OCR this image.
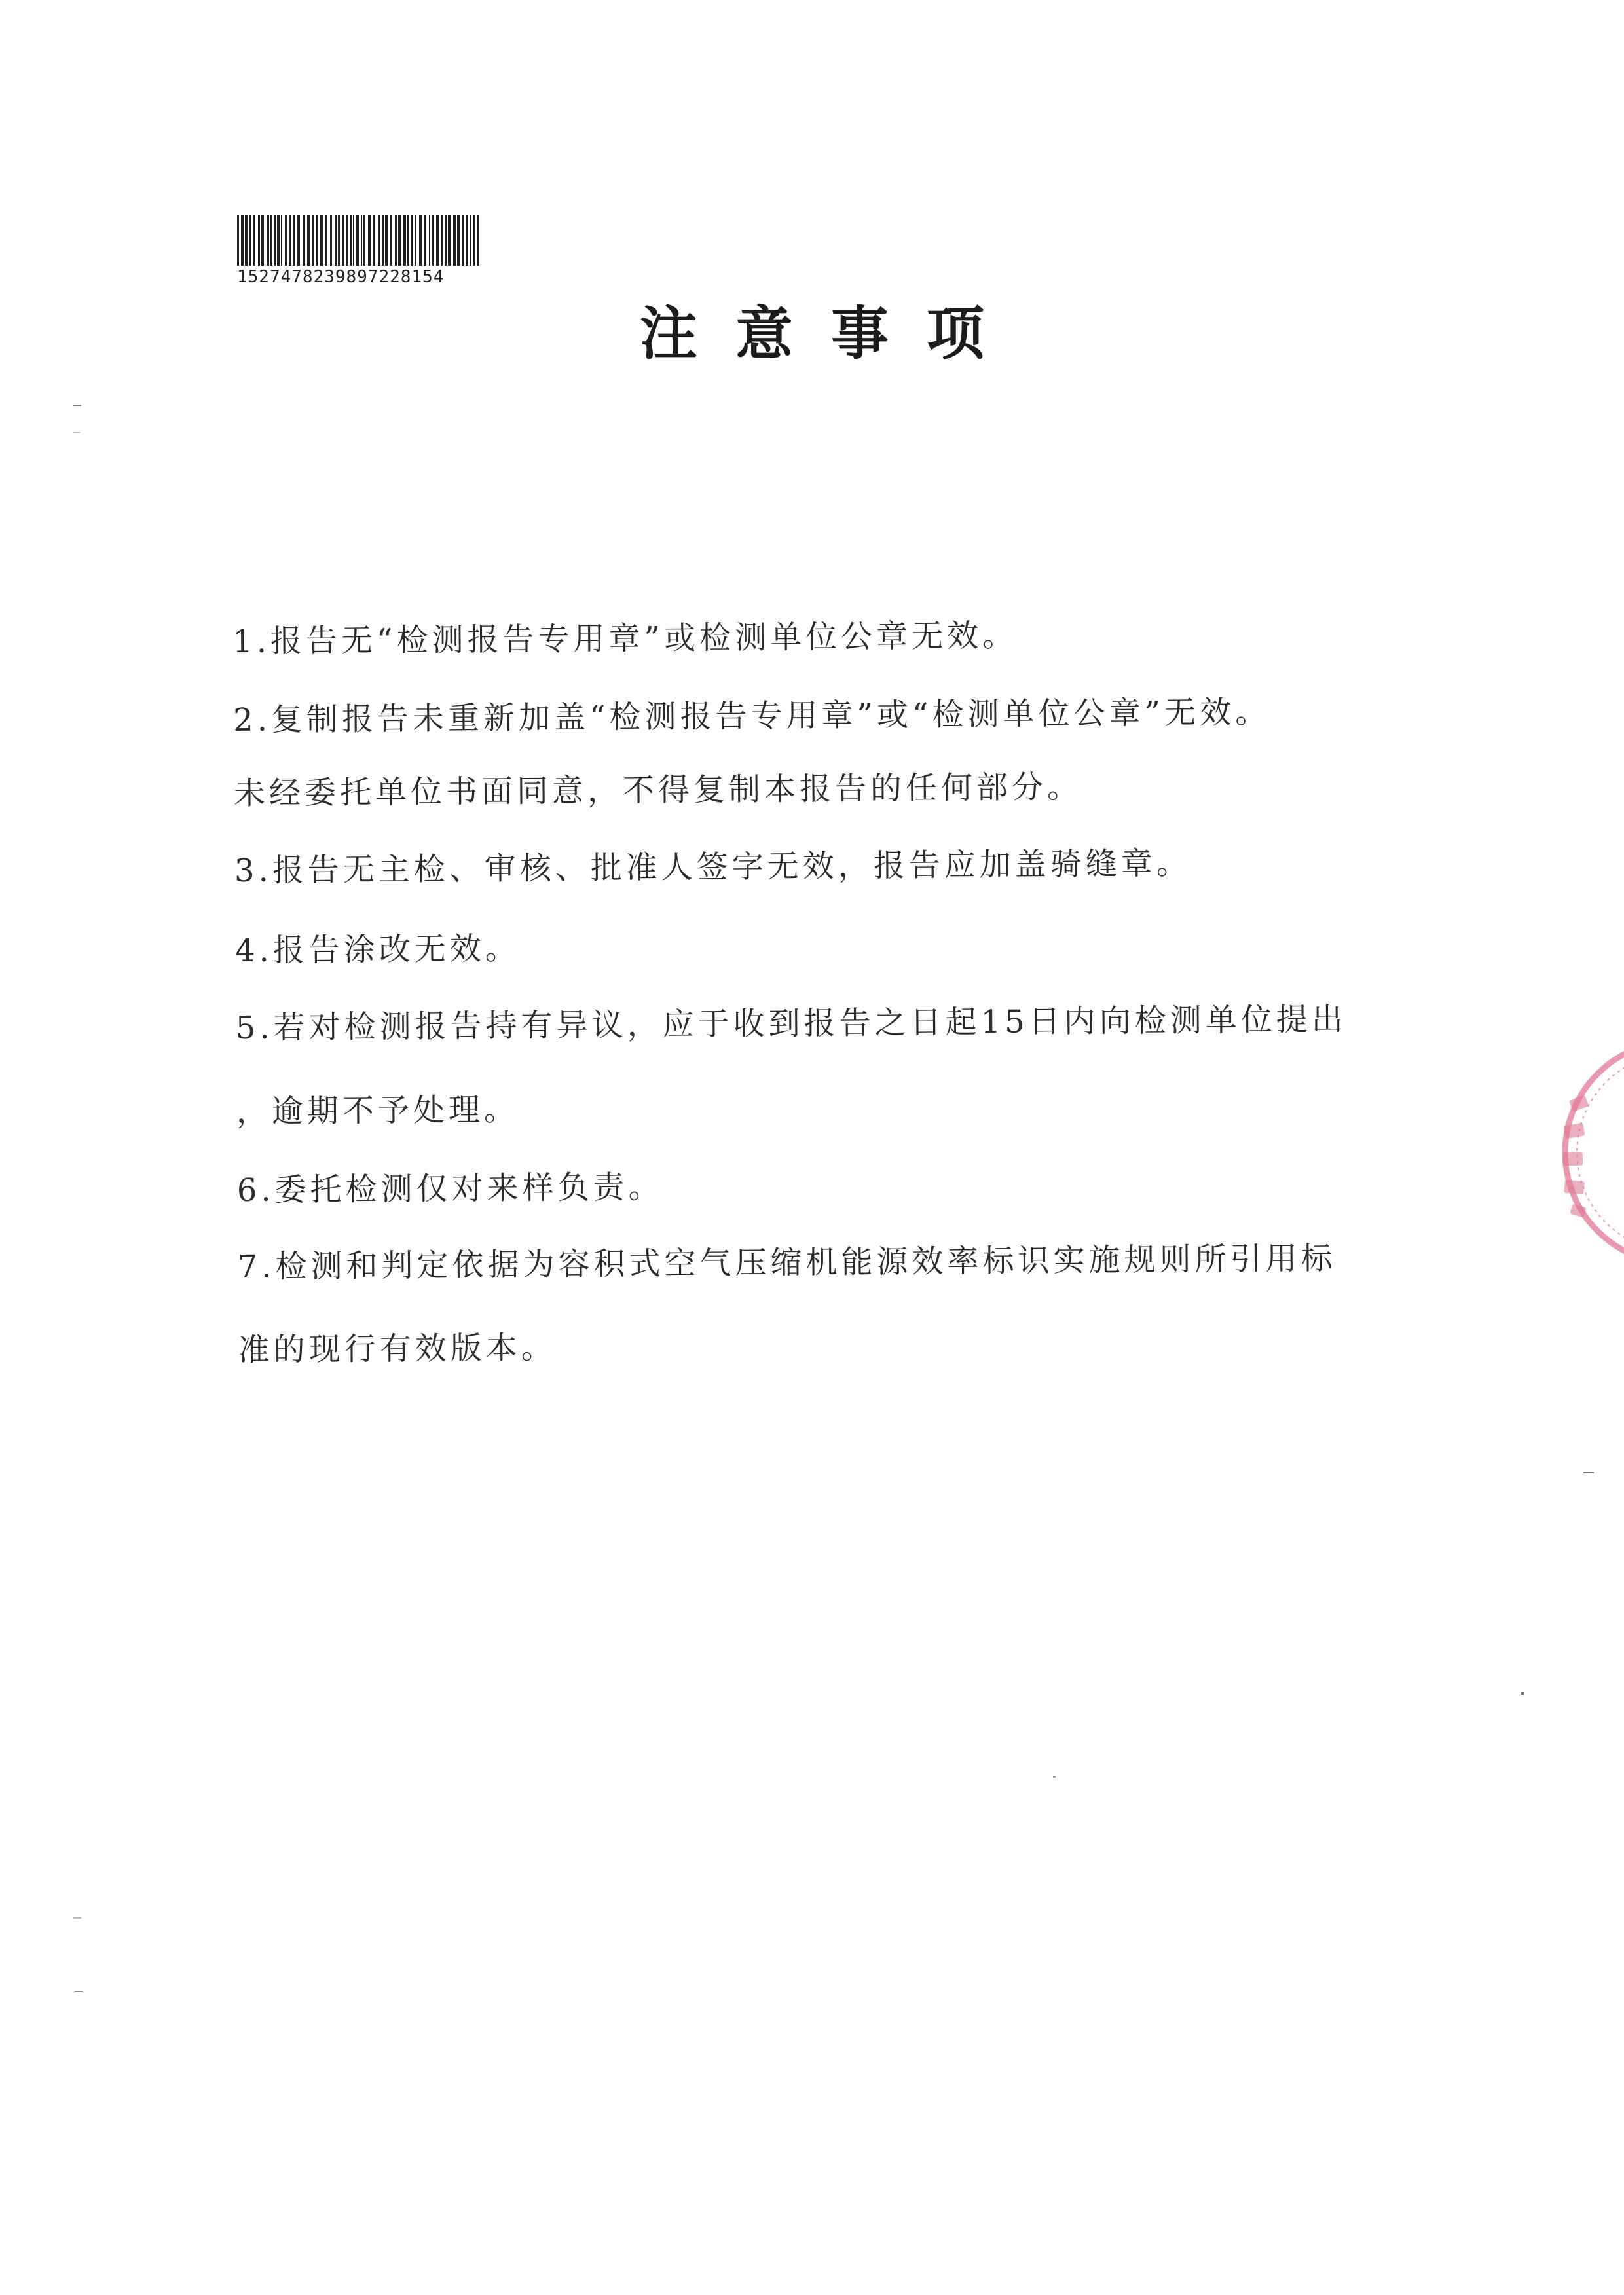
1527478239897228154
注意事项
1.报告无“检测报告专用章”或检测单位公章无效。
2.复制报告未重新加盖“检测报告专用章”或“检测单位公章”无效。
未经委托单位书面同意，不得复制本报告的任何部分。
3.报告无主检、审核、批准人签字无效，报告应加盖骑缝章。
4.报告涂改无效。
5.若对检测报告持有异议，应于收到报告之日起15日内向检测单位提出
，逾期不予处理。
6.委托检测仅对来样负责。
7.检测和判定依据为容积式空气压缩机能源效率标识实施规则所引用标
准的现行有效版本。
